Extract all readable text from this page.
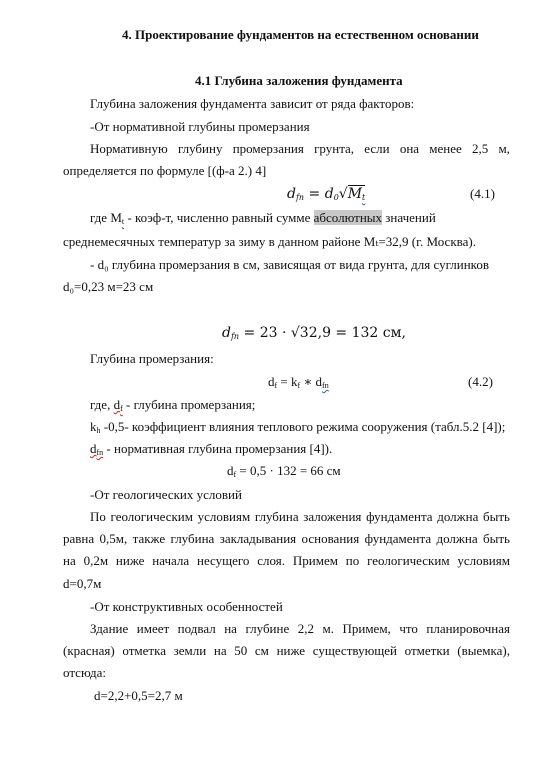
4. Проектирование фундаментов на естественном основании
4.1 Глубина заложения фундамента
Глубина заложения фундамента зависит от ряда факторов:
-От нормативной глубины промерзания
Нормативную глубину промерзания грунта, если она менее 2,5 м,
определяется по формуле [(ф-а 2.) 4]
$d_{fn} = d_0√M_t$	(4.1)
где $M_t$ - коэф-т, численно равный сумме абсолютных значений
среднемесячных температур за зиму в данном районе Mₜ=32,9 (г. Москва).
- d₀ глубина промерзания в см, зависящая от вида грунта, для суглинков
d₀=0,23 м=23 см
$d_{fn} = 23 \cdot √32,9 = 132$ см,
Глубина промерзания:
$d_f = k_f$ ∗ $d_{fn}$	(4.2)
где, $d_f$ - глубина промерзания;
$k_h$ -0,5- коэффициент влияния теплового режима сооружения (табл.5.2 [4]);
$d_{fn}$ - нормативная глубина промерзания [4]).
$d_f = 0,5 \cdot 132 = 66$ см
-От геологических условий
По геологическим условиям глубина заложения фундамента должна быть
равна 0,5м, также глубина закладывания основания фундамента должна быть
на 0,2м ниже начала несущего слоя. Примем по геологическим условиям
d=0,7м
-От конструктивных особенностей
Здание имеет подвал на глубине 2,2 м. Примем, что планировочная
(красная) отметка земли на 50 см ниже существующей отметки (выемка),
отсюда:
d=2,2+0,5=2,7 м
